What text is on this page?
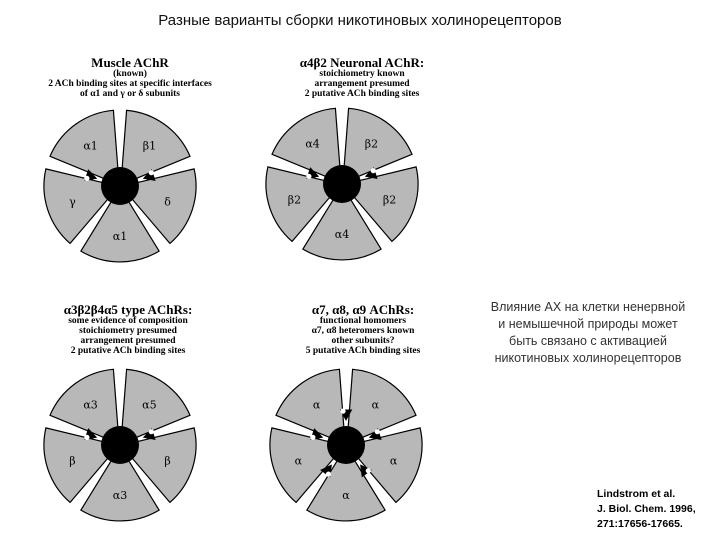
Разные варианты сборки никотиновых холинорецепторов
Muscle AChR
(known)
2 ACh binding sites at specific interfaces
of α1 and γ or δ subunits
α1	β1
δ
α1
γ
α4β2 Neuronal AChR:
stoichiometry known
arrangement presumed
2 putative ACh binding sites
α4	β2
β2
α4
β2
α3β2β4α5 type AChRs:
some evidence of composition
stoichiometry presumed
arrangement presumed
2 putative ACh binding sites
α3	α5
β
α3
β
α7, α8, α9 AChRs:
functional homomers
α7, α8 heteromers known
other subunits?
5 putative ACh binding sites
α	α
α
α
α
Влияние АХ на клетки ненервной и немышечной природы может быть связано с активацией никотиновых холинорецепторов
Lindstrom et al.
J. Biol. Chem. 1996,
271:17656-17665.
